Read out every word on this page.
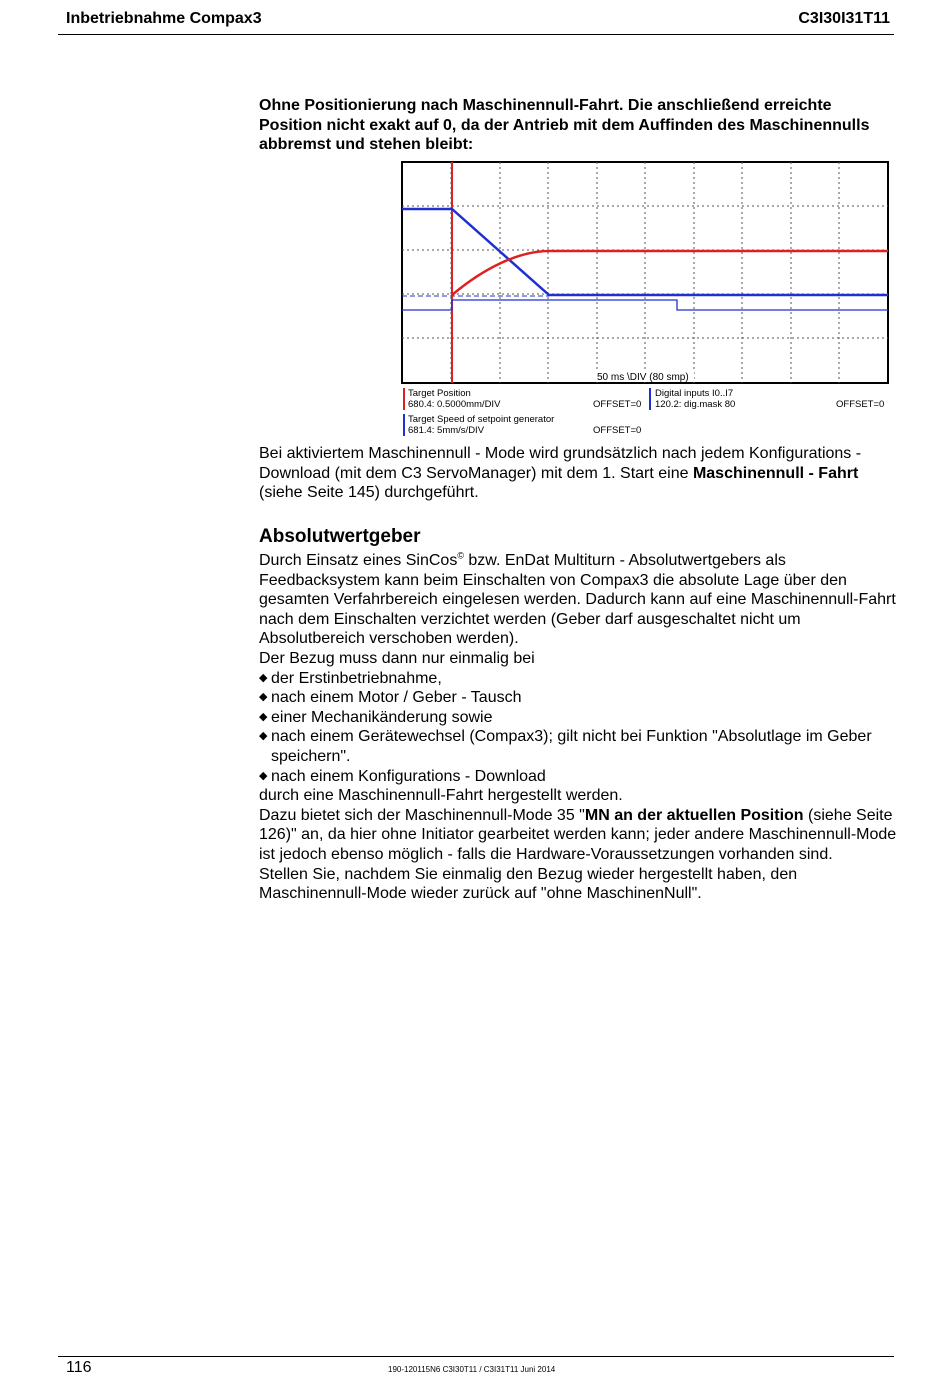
Inbetriebnahme Compax3	C3I30I31T11
Ohne Positionierung nach Maschinennull-Fahrt. Die anschließend erreichte Position nicht exakt auf 0, da der Antrieb mit dem Auffinden des Maschinennulls abbremst und stehen bleibt:
50 ms \DIV (80 smp)
Target Position
680.4: 0.5000mm/DIV	OFFSET=0
Digital inputs I0..I7
120.2: dig.mask 80	OFFSET=0
Target Speed of setpoint generator
681.4: 5mm/s/DIV	OFFSET=0
Bei aktiviertem Maschinennull - Mode wird grundsätzlich nach jedem Konfigurations - Download (mit dem C3 ServoManager) mit dem 1. Start eine Maschinennull - Fahrt (siehe Seite 145) durchgeführt.
Absolutwertgeber
Durch Einsatz eines SinCos© bzw. EnDat Multiturn - Absolutwertgebers als Feedbacksystem kann beim Einschalten von Compax3 die absolute Lage über den gesamten Verfahrbereich eingelesen werden. Dadurch kann auf eine Maschinennull-Fahrt nach dem Einschalten verzichtet werden (Geber darf ausgeschaltet nicht um Absolutbereich verschoben werden).
Der Bezug muss dann nur einmalig bei
◆ der Erstinbetriebnahme,
◆ nach einem Motor / Geber - Tausch
◆ einer Mechanikänderung sowie
◆ nach einem Gerätewechsel (Compax3); gilt nicht bei Funktion "Absolutlage im Geber speichern".
◆ nach einem Konfigurations - Download
durch eine Maschinennull-Fahrt hergestellt werden.
Dazu bietet sich der Maschinennull-Mode 35 "MN an der aktuellen Position (siehe Seite 126)" an, da hier ohne Initiator gearbeitet werden kann; jeder andere Maschinennull-Mode ist jedoch ebenso möglich - falls die Hardware-Voraussetzungen vorhanden sind.
Stellen Sie, nachdem Sie einmalig den Bezug wieder hergestellt haben, den Maschinennull-Mode wieder zurück auf "ohne MaschinenNull".
116	190-120115N6 C3I30T11 / C3I31T11 Juni 2014
